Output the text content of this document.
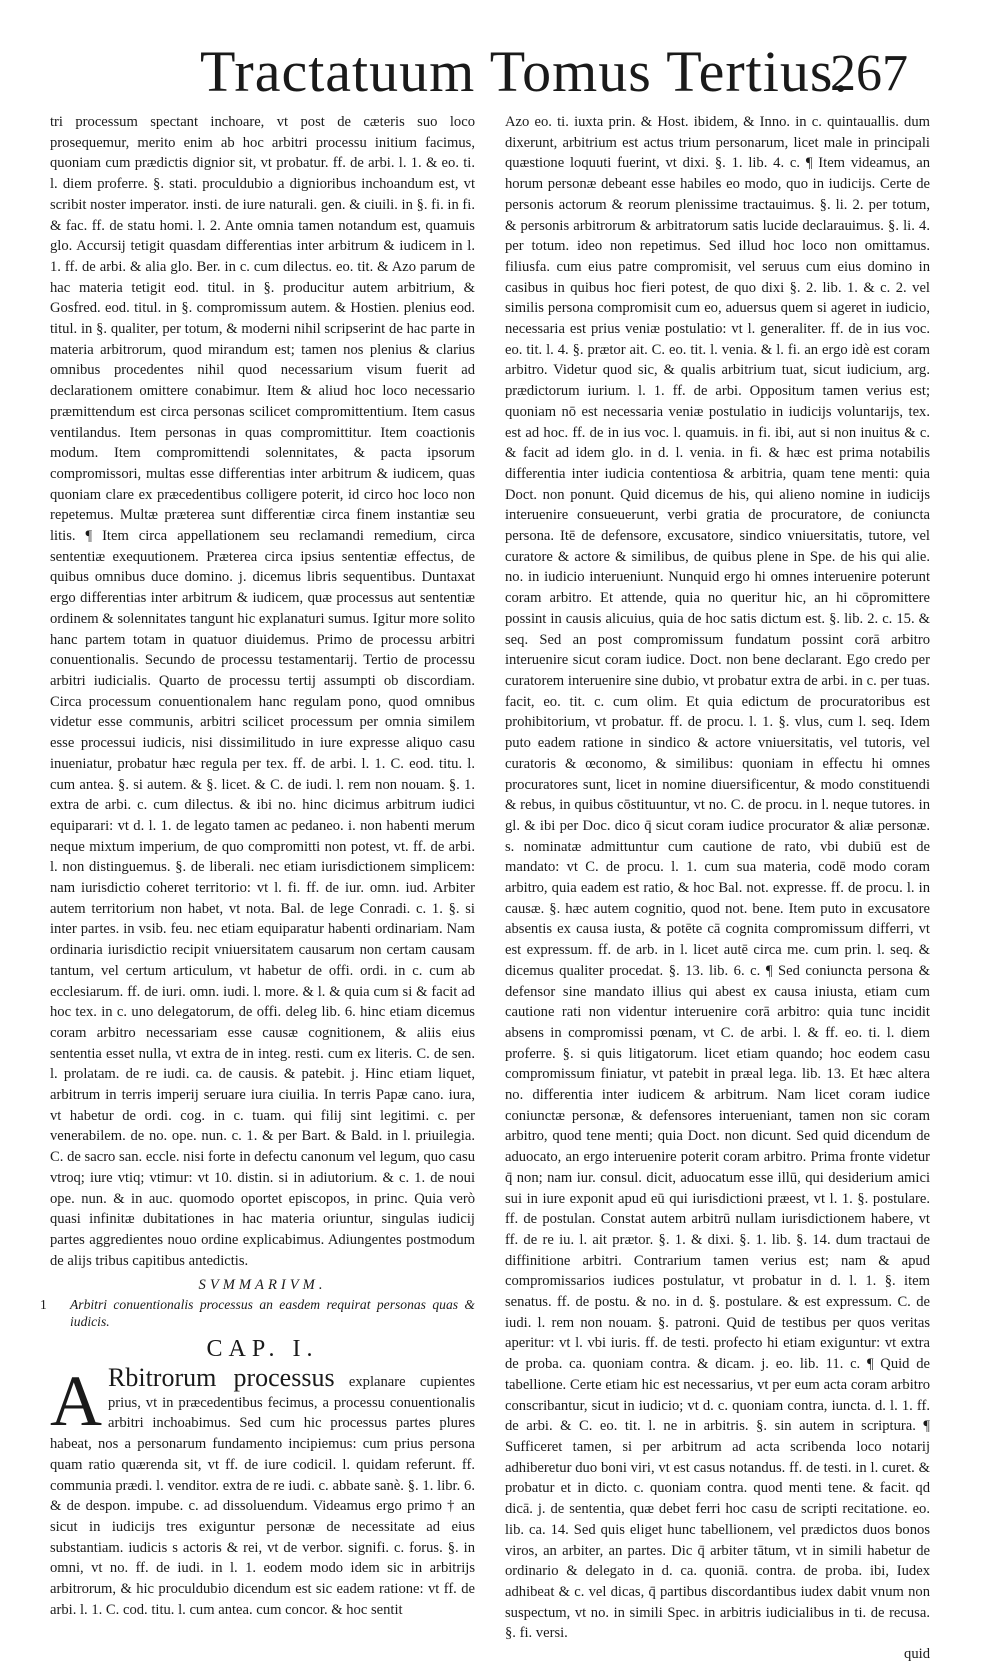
Tractatuum Tomus Tertius.
267

tri processum spectant inchoare, vt post de cæteris suo loco prosequemur, merito enim ab hoc arbitri processu initium facimus, quoniam cum prædictis dignior sit, vt probatur. ff. de arbi. l. 1. & eo. ti. l. diem proferre. §. stati. proculdubio a dignioribus inchoandum est, vt scribit noster imperator. insti. de iure naturali. gen. & ciuili. in §. fi. in fi. & fac. ff. de statu homi. l. 2. Ante omnia tamen notandum est, quamuis glo. Accursij tetigit quasdam differentias inter arbitrum & iudicem in l. 1. ff. de arbi. & alia glo. Ber. in c. cum dilectus. eo. tit. & Azo parum de hac materia tetigit eod. titul. in §. producitur autem arbitrium, & Gosfred. eod. titul. in §. compromissum autem. & Hostien. plenius eod. titul. in §. qualiter, per totum, & moderni nihil scripserint de hac parte in materia arbitrorum, quod mirandum est; tamen nos plenius & clarius omnibus procedentes nihil quod necessarium visum fuerit ad declarationem omittere conabimur. Item & aliud hoc loco necessario præmittendum est circa personas scilicet compromittentium. Item casus ventilandus. Item personas in quas compromittitur. Item coactionis modum. Item compromittendi solennitates, & pacta ipsorum compromissori, multas esse differentias inter arbitrum & iudicem, quas quoniam clare ex præcedentibus colligere poterit, id circo hoc loco non repetemus. Multæ præterea sunt differentiæ circa finem instantiæ seu litis. ¶ Item circa appellationem seu reclamandi remedium, circa sententiæ exequutionem. Præterea circa ipsius sententiæ effectus, de quibus omnibus duce domino. j. dicemus libris sequentibus. Duntaxat ergo differentias inter arbitrum & iudicem, quæ processus aut sententiæ ordinem & solennitates tangunt hic explanaturi sumus. Igitur more solito hanc partem totam in quatuor diuidemus. Primo de processu arbitri conuentionalis. Secundo de processu testamentarij. Tertio de processu arbitri iudicialis. Quarto de processu tertij assumpti ob discordiam. Circa processum conuentionalem hanc regulam pono, quod omnibus videtur esse communis, arbitri scilicet processum per omnia similem esse processui iudicis, nisi dissimilitudo in iure expresse aliquo casu inueniatur, probatur hæc regula per tex. ff. de arbi. l. 1. C. eod. titu. l. cum antea. §. si autem. & §. licet. & C. de iudi. l. rem non nouam. §. 1. extra de arbi. c. cum dilectus. & ibi no. hinc dicimus arbitrum iudici equiparari: vt d. l. 1. de legato tamen ac pedaneo. i. non habenti merum neque mixtum imperium, de quo compromitti non potest, vt. ff. de arbi. l. non distinguemus. §. de liberali. nec etiam iurisdictionem simplicem: nam iurisdictio coheret territorio: vt l. fi. ff. de iur. omn. iud. Arbiter autem territorium non habet, vt nota. Bal. de lege Conradi. c. 1. §. si inter partes. in vsib. feu. nec etiam equiparatur habenti ordinariam. Nam ordinaria iurisdictio recipit vniuersitatem causarum non certam causam tantum, vel certum articulum, vt habetur de offi. ordi. in c. cum ab ecclesiarum. ff. de iuri. omn. iudi. l. more. & l. & quia cum si & facit ad hoc tex. in c. uno delegatorum, de offi. deleg lib. 6. hinc etiam dicemus coram arbitro necessariam esse causæ cognitionem, & aliis eius sententia esset nulla, vt extra de in integ. resti. cum ex literis. C. de sen. l. prolatam. de re iudi. ca. de causis. & patebit. j. Hinc etiam liquet, arbitrum in terris imperij seruare iura ciuilia. In terris Papæ cano. iura, vt habetur de ordi. cog. in c. tuam. qui filij sint legitimi. c. per venerabilem. de no. ope. nun. c. 1. & per Bart. & Bald. in l. priuilegia. C. de sacro san. eccle. nisi forte in defectu canonum vel legum, quo casu vtroq; iure vtiq; vtimur: vt 10. distin. si in adiutorium. & c. 1. de noui ope. nun. & in auc. quomodo oportet episcopos, in princ. Quia verò quasi infinitæ dubitationes in hac materia oriuntur, singulas iudicij partes aggredientes nouo ordine explicabimus. Adiungentes postmodum de alijs tribus capitibus antedictis.

SVMMARIVM.

1 Arbitri conuentionalis processus an easdem requirat personas quas & iudicis.

CAP. I.

A Rbitrorum processus explanare cupientes prius, vt in præcedentibus fecimus, a processu conuentionalis arbitri inchoabimus. Sed cum hic processus partes plures habeat, nos a personarum fundamento incipiemus: cum prius persona quam ratio quærenda sit, vt ff. de iure codicil. l. quidam referunt. ff. communia prædi. l. venditor. extra de re iudi. c. abbate sanè. §. 1. libr. 6. & de despon. impube. c. ad dissoluendum. Videamus ergo primo † an sicut in iudicijs tres exiguntur personæ de necessitate ad eius substantiam. iudicis s actoris & rei, vt de verbor. signifi. c. forus. §. in omni, vt no. ff. de iudi. in l. 1. eodem modo idem sic in arbitrijs arbitrorum, & hic proculdubio dicendum est sic eadem ratione: vt ff. de arbi. l. 1. C. cod. titu. l. cum antea. cum concor. & hoc sentit

Azo eo. ti. iuxta prin. & Host. ibidem, & Inno. in c. quintauallis. dum dixerunt, arbitrium est actus trium personarum, licet male in principali quæstione loquuti fuerint, vt dixi. §. 1. lib. 4. c. ¶ Item videamus, an horum personæ debeant esse habiles eo modo, quo in iudicijs. Certe de personis actorum & reorum plenissime tractauimus. §. li. 2. per totum, & personis arbitrorum & arbitratorum satis lucide declarauimus. §. li. 4. per totum. ideo non repetimus. Sed illud hoc loco non omittamus. filiusfa. cum eius patre compromisit, vel seruus cum eius domino in casibus in quibus hoc fieri potest, de quo dixi §. 2. lib. 1. & c. 2. vel similis persona compromisit cum eo, aduersus quem si ageret in iudicio, necessaria est prius veniæ postulatio: vt l. generaliter. ff. de in ius voc. eo. tit. l. 4. §. prætor ait. C. eo. tit. l. venia. & l. fi. an ergo idè est coram arbitro. Videtur quod sic, & qualis arbitrium tuat, sicut iudicium, arg. prædictorum iurium. l. 1. ff. de arbi. Oppositum tamen verius est; quoniam nō est necessaria veniæ postulatio in iudicijs voluntarijs, tex. est ad hoc. ff. de in ius voc. l. quamuis. in fi. ibi, aut si non inuitus & c. & facit ad idem glo. in d. l. venia. in fi. & hæc est prima notabilis differentia inter iudicia contentiosa & arbitria, quam tene menti: quia Doct. non ponunt. Quid dicemus de his, qui alieno nomine in iudicijs interuenire consueuerunt, verbi gratia de procuratore, de coniuncta persona. Itē de defensore, excusatore, sindico vniuersitatis, tutore, vel curatore & actore & similibus, de quibus plene in Spe. de his qui alie. no. in iudicio interueniunt. Nunquid ergo hi omnes interuenire poterunt coram arbitro. Et attende, quia no queritur hic, an hi cōpromittere possint in causis alicuius, quia de hoc satis dictum est. §. lib. 2. c. 15. & seq. Sed an post compromissum fundatum possint corā arbitro interuenire sicut coram iudice. Doct. non bene declarant. Ego credo per curatorem interuenire sine dubio, vt probatur extra de arbi. in c. per tuas. facit, eo. tit. c. cum olim. Et quia edictum de procuratoribus est prohibitorium, vt probatur. ff. de procu. l. 1. §. vlus, cum l. seq. Idem puto eadem ratione in sindico & actore vniuersitatis, vel tutoris, vel curatoris & œconomo, & similibus: quoniam in effectu hi omnes procuratores sunt, licet in nomine diuersificentur, & modo constituendi & rebus, in quibus cōstituuntur, vt no. C. de procu. in l. neque tutores. in gl. & ibi per Doc. dico q̄ sicut coram iudice procurator & aliæ personæ. s. nominatæ admittuntur cum cautione de rato, vbi dubiū est de mandato: vt C. de procu. l. 1. cum sua materia, codē modo coram arbitro, quia eadem est ratio, & hoc Bal. not. expresse. ff. de procu. l. in causæ. §. hæc autem cognitio, quod not. bene. Item puto in excusatore absentis ex causa iusta, & potēte cā cognita compromissum differri, vt est expressum. ff. de arb. in l. licet autē circa me. cum prin. l. seq. & dicemus qualiter procedat. §. 13. lib. 6. c. ¶ Sed coniuncta persona & defensor sine mandato illius qui abest ex causa iniusta, etiam cum cautione rati non videntur interuenire corā arbitro: quia tunc incidit absens in compromissi pœnam, vt C. de arbi. l. & ff. eo. ti. l. diem proferre. §. si quis litigatorum. licet etiam quando; hoc eodem casu compromissum finiatur, vt patebit in præal lega. lib. 13. Et hæc altera no. differentia inter iudicem & arbitrum. Nam licet coram iudice coniunctæ personæ, & defensores interueniant, tamen non sic coram arbitro, quod tene menti; quia Doct. non dicunt. Sed quid dicendum de aduocato, an ergo interuenire poterit coram arbitro. Prima fronte videtur q̄ non; nam iur. consul. dicit, aduocatum esse illū, qui desiderium amici sui in iure exponit apud eū qui iurisdictioni præest, vt l. 1. §. postulare. ff. de postulan. Constat autem arbitrū nullam iurisdictionem habere, vt ff. de re iu. l. ait prætor. §. 1. & dixi. §. 1. lib. §. 14. dum tractaui de diffinitione arbitri. Contrarium tamen verius est; nam & apud compromissarios iudices postulatur, vt probatur in d. l. 1. §. item senatus. ff. de postu. & no. in d. §. postulare. & est expressum. C. de iudi. l. rem non nouam. §. patroni. Quid de testibus per quos veritas aperitur: vt l. vbi iuris. ff. de testi. profecto hi etiam exiguntur: vt extra de proba. ca. quoniam contra. & dicam. j. eo. lib. 11. c. ¶ Quid de tabellione. Certe etiam hic est necessarius, vt per eum acta coram arbitro conscribantur, sicut in iudicio; vt d. c. quoniam contra, iuncta. d. l. 1. ff. de arbi. & C. eo. tit. l. ne in arbitris. §. sin autem in scriptura. ¶ Sufficeret tamen, si per arbitrum ad acta scribenda loco notarij adhiberetur duo boni viri, vt est casus notandus. ff. de testi. in l. curet. & probatur et in dicto. c. quoniam contra. quod menti tene. & facit. qd dicā. j. de sententia, quæ debet ferri hoc casu de scripti recitatione. eo. lib. ca. 14. Sed quis eliget hunc tabellionem, vel prædictos duos bonos viros, an arbiter, an partes. Dic q̄ arbiter tātum, vt in simili habetur de ordinario & delegato in d. ca. quoniā. contra. de proba. ibi, Iudex adhibeat & c. vel dicas, q̄ partibus discordantibus iudex dabit vnum non suspectum, vt no. in simili Spec. in arbitris iudicialibus in ti. de recusa. §. fi. versi.

quid
